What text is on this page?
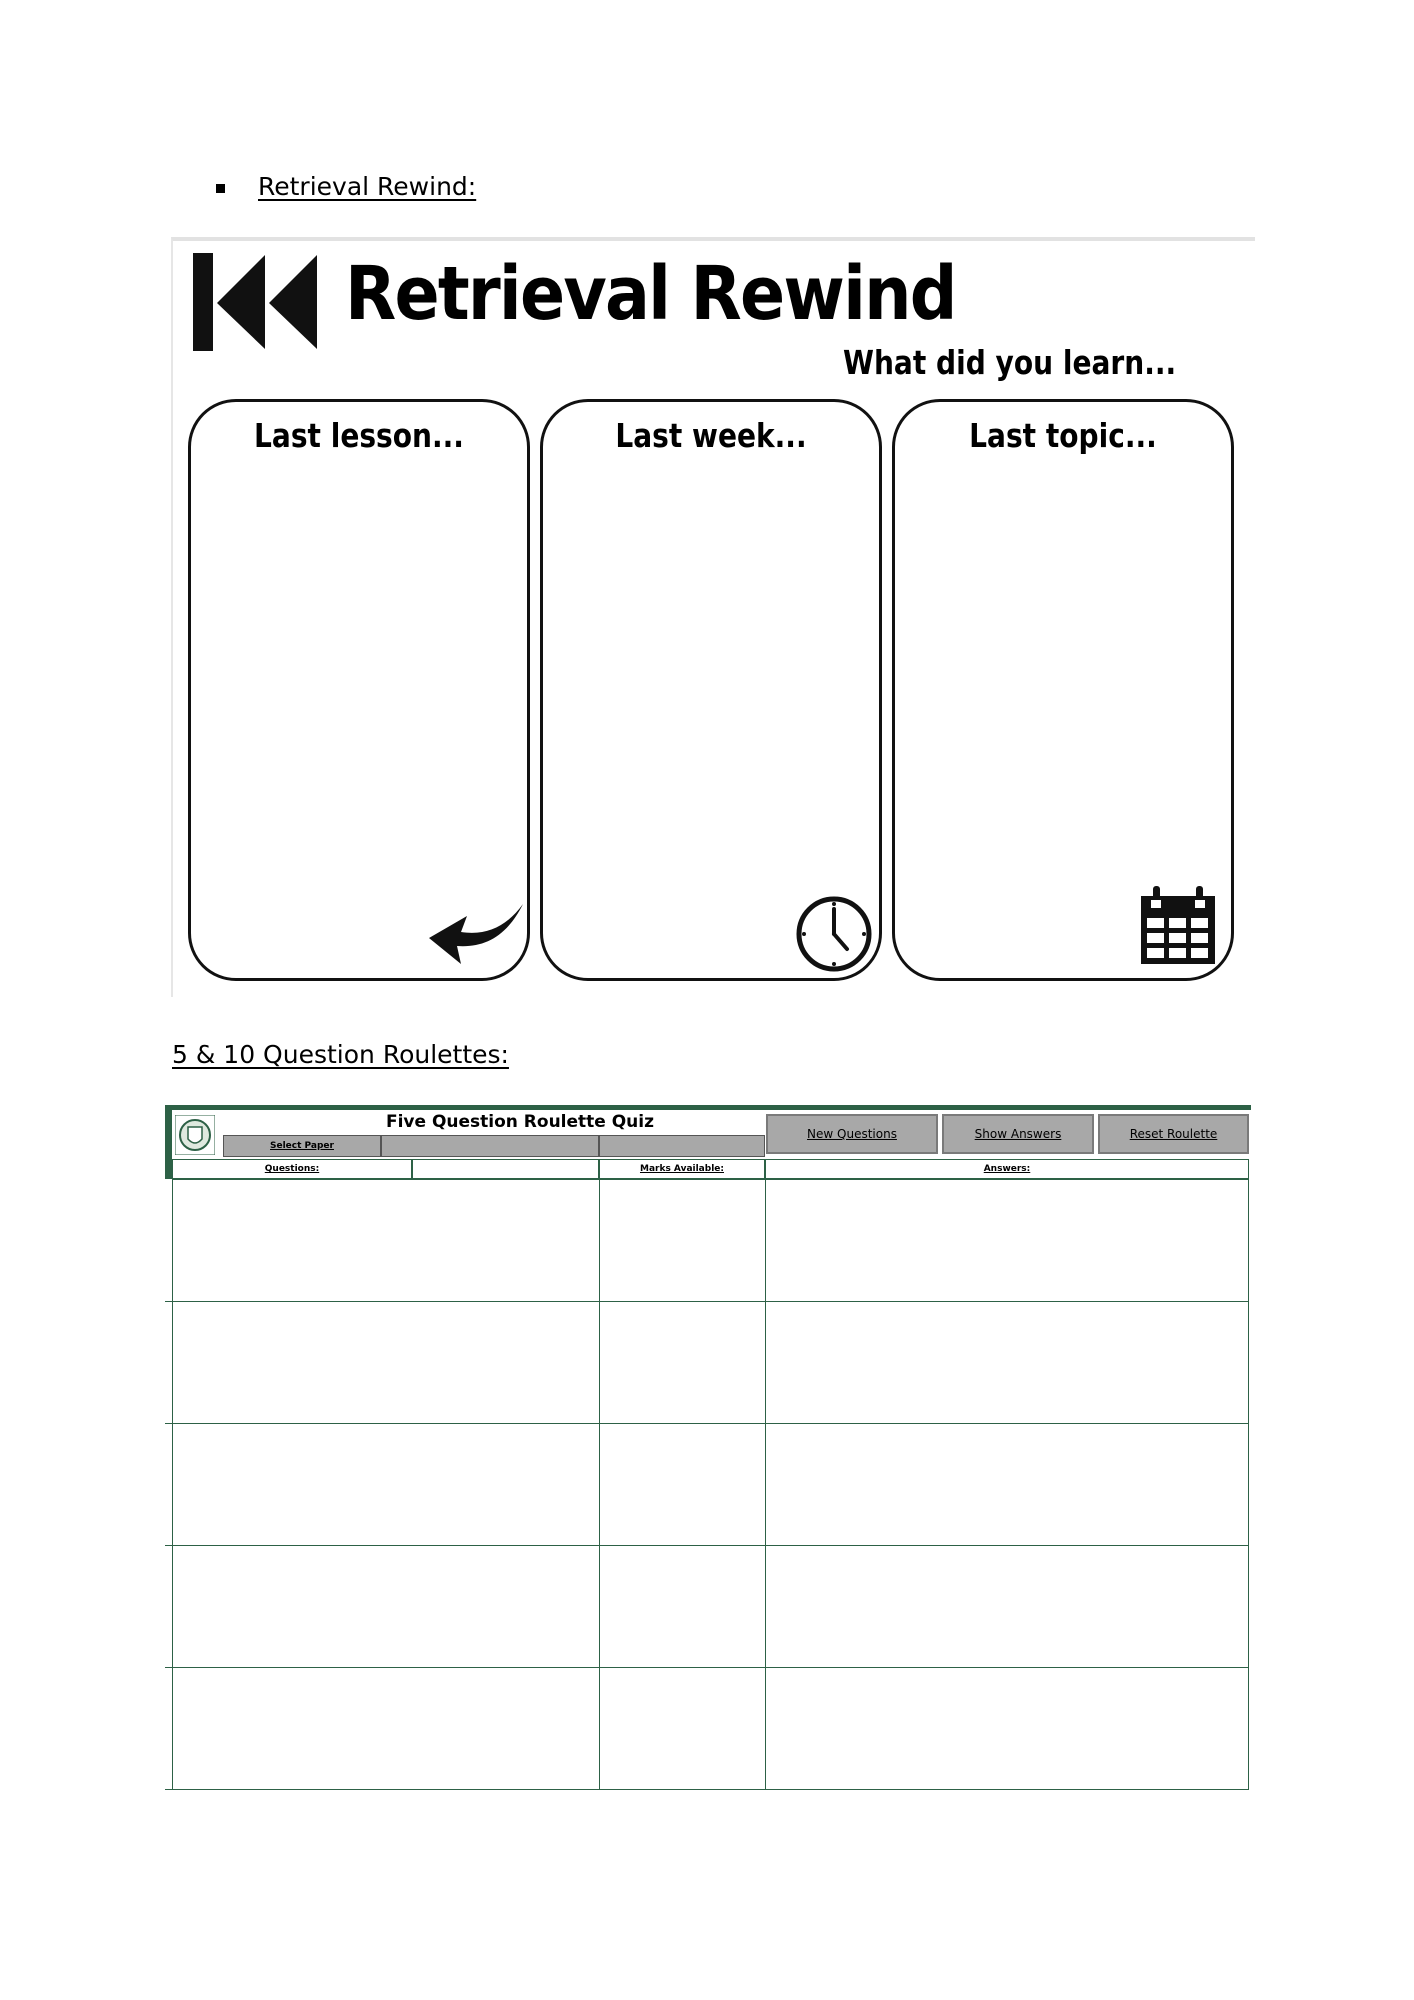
Retrieval Rewind:
Retrieval Rewind
What did you learn...
Last lesson...	Last week...	Last topic...
5 & 10 Question Roulettes:
Five Question Roulette Quiz
Select Paper
New Questions	Show Answers	Reset Roulette
Questions:	Marks Available:	Answers:
